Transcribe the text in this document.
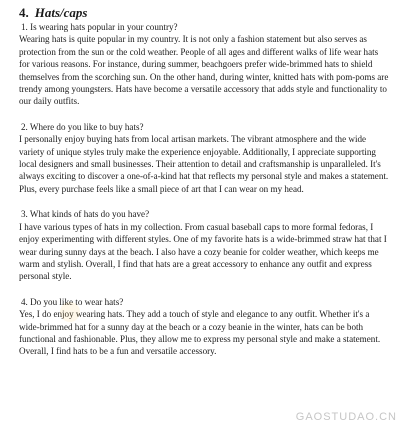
4. Hats/caps

1. Is wearing hats popular in your country?

Wearing hats is quite popular in my country. It is not only a fashion statement but also serves as protection from the sun or the cold weather. People of all ages and different walks of life wear hats for various reasons. For instance, during summer, beachgoers prefer wide-brimmed hats to shield themselves from the scorching sun. On the other hand, during winter, knitted hats with pom-poms are trendy among youngsters. Hats have become a versatile accessory that adds style and functionality to our daily outfits.

2. Where do you like to buy hats?

I personally enjoy buying hats from local artisan markets. The vibrant atmosphere and the wide variety of unique styles truly make the experience enjoyable. Additionally, I appreciate supporting local designers and small businesses. Their attention to detail and craftsmanship is unparalleled. It's always exciting to discover a one-of-a-kind hat that reflects my personal style and makes a statement. Plus, every purchase feels like a small piece of art that I can wear on my head.

3. What kinds of hats do you have?

I have various types of hats in my collection. From casual baseball caps to more formal fedoras, I enjoy experimenting with different styles. One of my favorite hats is a wide-brimmed straw hat that I wear during sunny days at the beach. I also have a cozy beanie for colder weather, which keeps me warm and stylish. Overall, I find that hats are a great accessory to enhance any outfit and express personal style.

4. Do you like to wear hats?

Yes, I do enjoy wearing hats. They add a touch of style and elegance to any outfit. Whether it's a wide-brimmed hat for a sunny day at the beach or a cozy beanie in the winter, hats can be both functional and fashionable. Plus, they allow me to express my personal style and make a statement. Overall, I find hats to be a fun and versatile accessory.

GAOSTUDAO.CN
